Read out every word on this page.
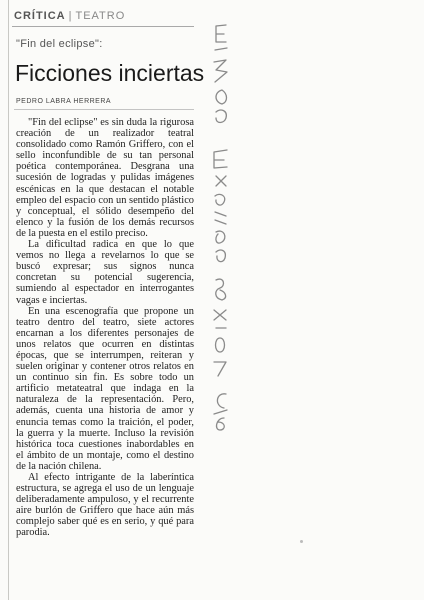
CRÍTICA | TEATRO
"Fin del eclipse":
Ficciones inciertas
PEDRO LABRA HERRERA

"Fin del eclipse" es sin duda la rigurosa creación de un realizador teatral consolidado como Ramón Griffero, con el sello inconfundible de su tan personal poética contemporánea. Desgrana una sucesión de logradas y pulidas imágenes escénicas en la que destacan el notable empleo del espacio con un sentido plástico y conceptual, el sólido desempeño del elenco y la fusión de los demás recursos de la puesta en el estilo preciso.

La dificultad radica en que lo que vemos no llega a revelarnos lo que se buscó expresar; sus signos nunca concretan su potencial sugerencia, sumiendo al espectador en interrogantes vagas e inciertas.

En una escenografía que propone un teatro dentro del teatro, siete actores encarnan a los diferentes personajes de unos relatos que ocurren en distintas épocas, que se interrumpen, reiteran y suelen originar y contener otros relatos en un continuo sin fin. Es sobre todo un artificio metateatral que indaga en la naturaleza de la representación. Pero, además, cuenta una historia de amor y enuncia temas como la traición, el poder, la guerra y la muerte. Incluso la revisión histórica toca cuestiones inabordables en el ámbito de un montaje, como el destino de la nación chilena.

Al efecto intrigante de la laberíntica estructura, se agrega el uso de un lenguaje deliberadamente ampuloso, y el recurrente aire burlón de Griffero que hace aún más complejo saber qué es en serio, y qué para parodia.
